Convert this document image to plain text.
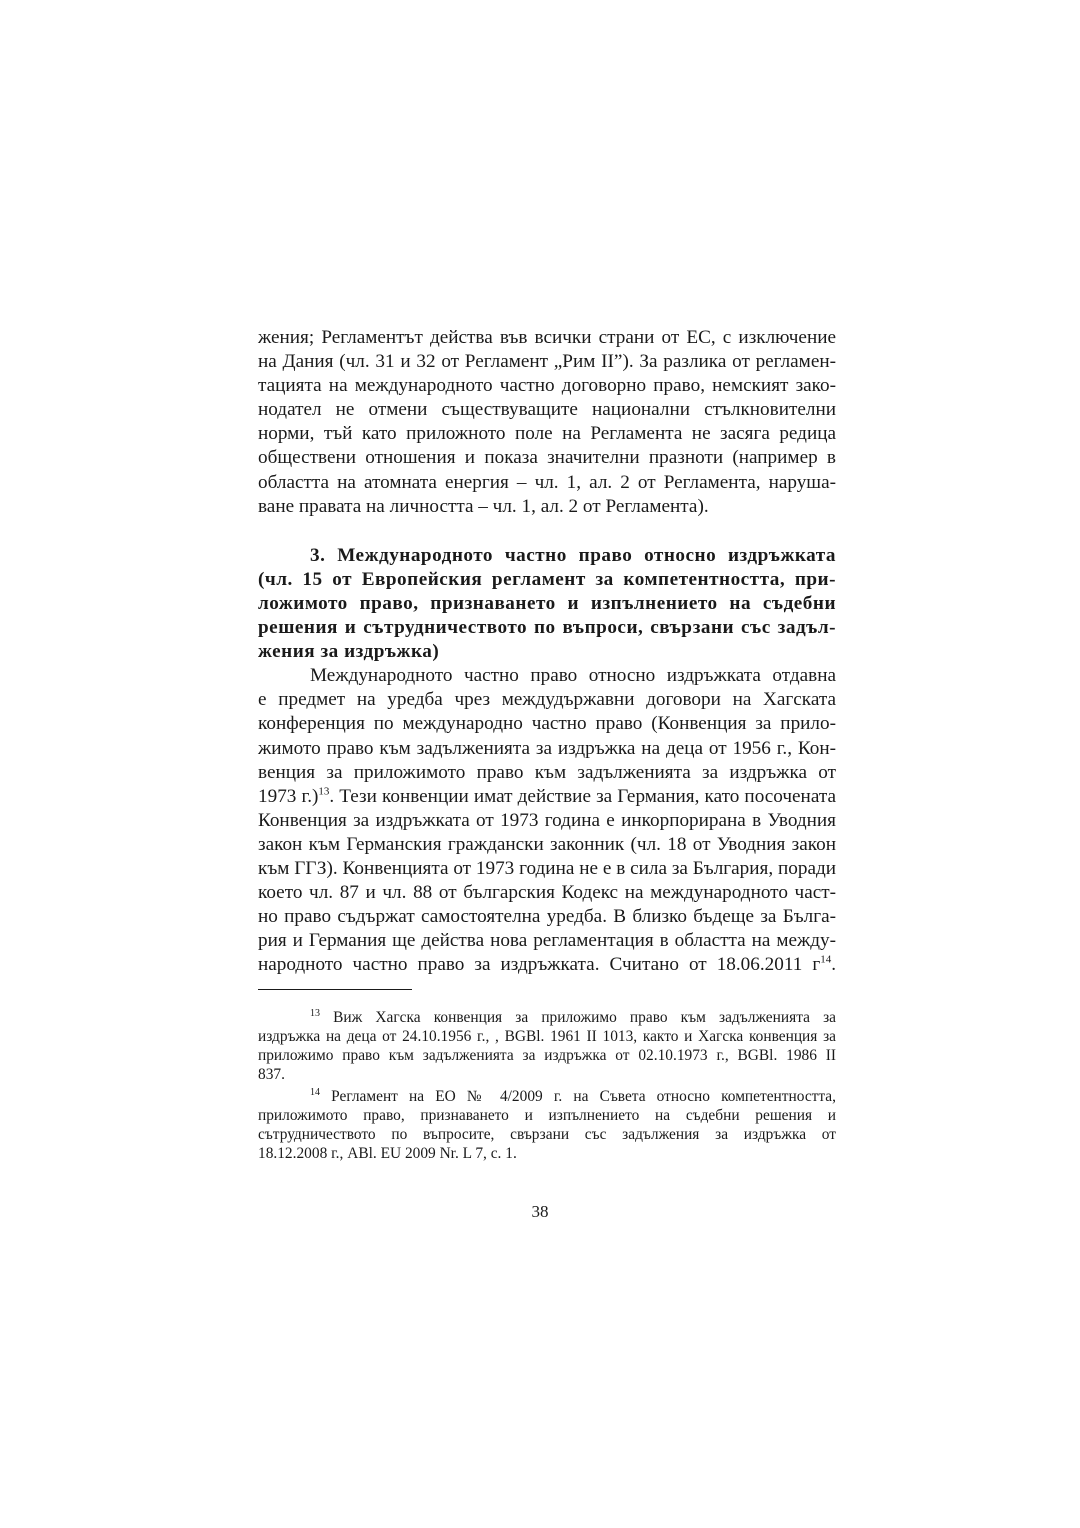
жения; Регламентът действа във всички страни от ЕС, с изключение
на Дания (чл. 31 и 32 от Регламент „Рим II”). За разлика от регламен-
тацията на международното частно договорно право, немският зако-
нодател не отмени съществуващите национални стълкновителни
норми, тъй като приложното поле на Регламента не засяга редица
обществени отношения и показа значителни празноти (например в
областта на атомната енергия – чл. 1, ал. 2 от Регламента, наруша-
ване правата на личността – чл. 1, ал. 2 от Регламента).
3. Международното частно право относно издръжката
(чл. 15 от Европейския регламент за компетентността, при-
ложимото право, признаването и изпълнението на съдебни
решения и сътрудничеството по въпроси, свързани със задъл-
жения за издръжка)
Международното частно право относно издръжката отдавна
е предмет на уредба чрез междудържавни договори на Хагската
конференция по международно частно право (Конвенция за прило-
жимото право към задълженията за издръжка на деца от 1956 г., Кон-
венция за приложимото право към задълженията за издръжка от
1973 г.)$^{13}$. Тези конвенции имат действие за Германия, като посочената
Конвенция за издръжката от 1973 година е инкорпорирана в Уводния
закон към Германския граждански законник (чл. 18 от Уводния закон
към ГГЗ). Конвенцията от 1973 година не е в сила за България, поради
което чл. 87 и чл. 88 от българския Кодекс на международното част-
но право съдържат самостоятелна уредба. В близко бъдеще за Бълга-
рия и Германия ще действа нова регламентация в областта на между-
народното частно право за издръжката. Считано от 18.06.2011 $г^{14}$.
$^{13}$ Виж Хагска конвенция за приложимо право към задълженията за
издръжка на деца от 24.10.1956 г., , BGBl. 1961 II 1013, както и Хагска конвенция за
приложимо право към задълженията за издръжка от 02.10.1973 г., BGBl. 1986 II
837.
$^{14}$ Регламент на ЕО № 4/2009 г. на Съвета относно компетентността,
приложимото право, признаването и изпълнението на съдебни решения и
сътрудничеството по въпросите, свързани със задължения за издръжка от
18.12.2008 г., ABl. EU 2009 Nr. L 7, с. 1.
38
